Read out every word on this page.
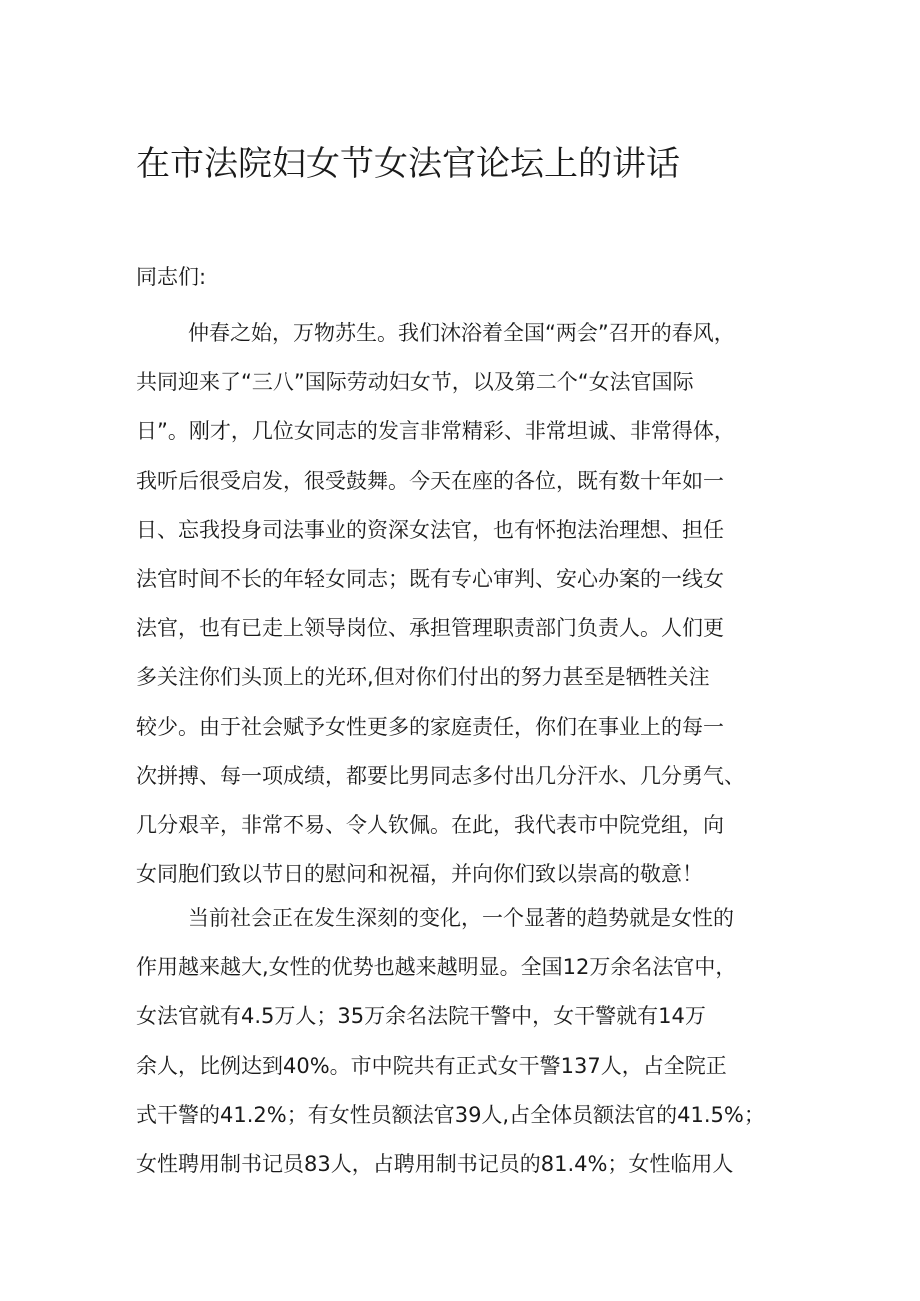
在市法院妇女节女法官论坛上的讲话

同志们:

仲春之始，万物苏生。我们沐浴着全国“两会”召开的春风，
共同迎来了“三八”国际劳动妇女节，以及第二个“女法官国际
日”。刚才，几位女同志的发言非常精彩、非常坦诚、非常得体，
我听后很受启发，很受鼓舞。今天在座的各位，既有数十年如一
日、忘我投身司法事业的资深女法官，也有怀抱法治理想、担任
法官时间不长的年轻女同志；既有专心审判、安心办案的一线女
法官，也有已走上领导岗位、承担管理职责部门负责人。人们更
多关注你们头顶上的光环,但对你们付出的努力甚至是牺牲关注
较少。由于社会赋予女性更多的家庭责任，你们在事业上的每一
次拼搏、每一项成绩，都要比男同志多付出几分汗水、几分勇气、
几分艰辛，非常不易、令人钦佩。在此，我代表市中院党组，向
女同胞们致以节日的慰问和祝福，并向你们致以崇高的敬意！
当前社会正在发生深刻的变化，一个显著的趋势就是女性的
作用越来越大,女性的优势也越来越明显。全国12万余名法官中，
女法官就有4.5万人；35万余名法院干警中，女干警就有14万
余人，比例达到40%。市中院共有正式女干警137人，占全院正
式干警的41.2%；有女性员额法官39人,占全体员额法官的41.5%；
女性聘用制书记员83人，占聘用制书记员的81.4%；女性临用人
